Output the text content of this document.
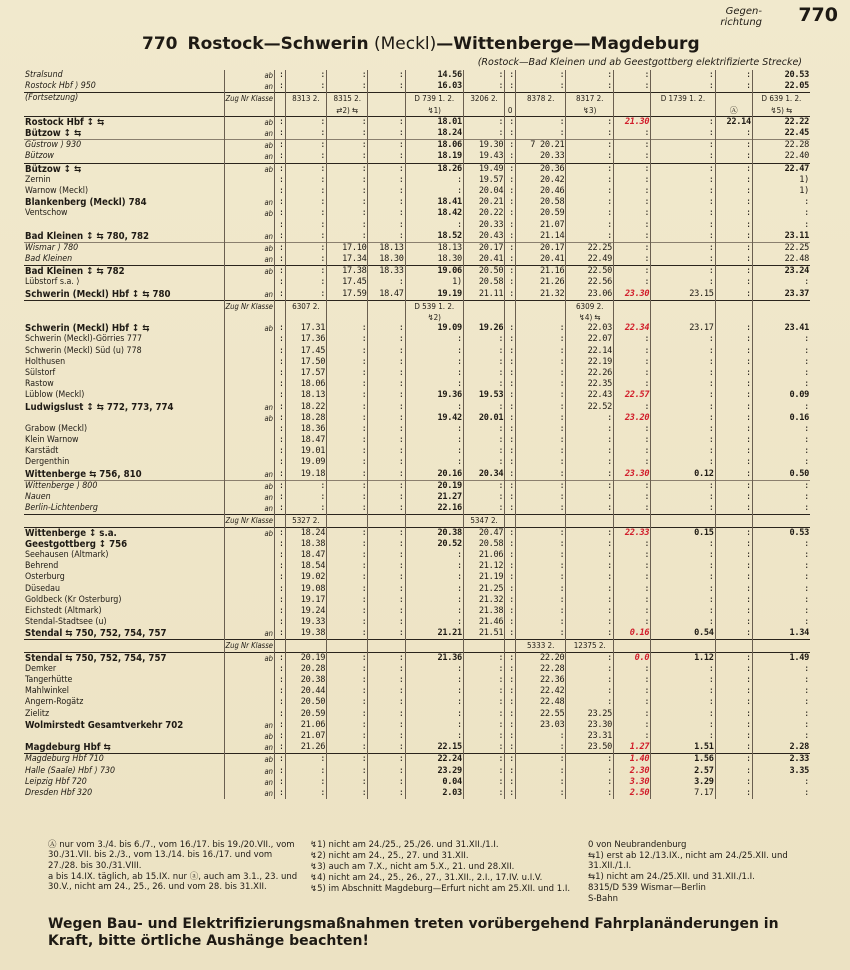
Gegen-
richtung 770
770 Rostock—Schwerin (Meckl)—Wittenberge—Magdeburg
(Rostock—Bad Kleinen und ab Geestgottberg elektrifizierte Strecke)
Stralsund	ab	:	:	:	:	14.56	:	:	:	:	:	:	:	20.53
Rostock Hbf ⟩ 950	an	:	:	:	:	16.03	:	:	:	:	:	:	:	22.05
(Fortsetzung)	Zug Nr Klasse		8313 2.	8315 2.		D 739 1. 2.	3206 2.		8378 2.	8317 2.		D 1739 1. 2.		D 639 1. 2.
				⇄2) ⇆		↯1)		0		↯3)			Ⓐ	↯5) ⇆
Rostock Hbf ↕ ⇆	ab	:	:	:	:	18.01	:	:	:	:	21.30	:	22.14	22.22
Bützow ↕ ⇆	an	:	:	:	:	18.24	:	:	:	:	:	:	:	22.45
Güstrow ⟩ 930	ab	:	:	:	:	18.06	19.30	:	7 20.21	:	:	:	:	22.28
Bützow	an	:	:	:	:	18.19	19.43	:	20.33	:	:	:	:	22.40
Bützow ↕ ⇆	ab	:	:	:	:	18.26	19.49	:	20.36	:	:	:	:	22.47
Zernin		:	:	:	:	:	19.57	:	20.42	:	:	:	:	1)
Warnow (Meckl)		:	:	:	:	:	20.04	:	20.46	:	:	:	:	1)
Blankenberg (Meckl) 784	an	:	:	:	:	18.41	20.21	:	20.58	:	:	:	:	:
Ventschow	ab	:	:	:	:	18.42	20.22	:	20.59	:	:	:	:	:
		:	:	:	:	:	20.33	:	21.07	:	:	:	:	:
Bad Kleinen ↕ ⇆ 780, 782	an	:	:	:	:	18.52	20.43	:	21.14	:	:	:	:	23.11
Wismar ⟩ 780	ab	:	:	17.10	18.13	18.13	20.17	:	20.17	22.25	:	:	:	22.25
Bad Kleinen	an	:	:	17.34	18.30	18.30	20.41	:	20.41	22.49	:	:	:	22.48
Bad Kleinen ↕ ⇆ 782	ab	:	:	17.38	18.33	19.06	20.50	:	21.16	22.50	:	:	:	23.24
Lübstorf s.a. ⟩		:	:	17.45	:	1)	20.58	:	21.26	22.56	:	:	:	:
Schwerin (Meckl) Hbf ↕ ⇆ 780	an	:	:	17.59	18.47	19.19	21.11	:	21.32	23.06	23.30	23.15	:	23.37
	Zug Nr Klasse		6307 2.			D 539 1. 2.				6309 2.				
						↯2)				↯4) ⇆				
Schwerin (Meckl) Hbf ↕ ⇆	ab	:	17.31	:	:	19.09	19.26	:	:	22.03	22.34	23.17	:	23.41
Schwerin (Meckl)-Görries 777		:	17.36	:	:	:	:	:	:	22.07	:	:	:	:
Schwerin (Meckl) Süd (u) 778		:	17.45	:	:	:	:	:	:	22.14	:	:	:	:
Holthusen		:	17.50	:	:	:	:	:	:	22.19	:	:	:	:
Sülstorf		:	17.57	:	:	:	:	:	:	22.26	:	:	:	:
Rastow		:	18.06	:	:	:	:	:	:	22.35	:	:	:	:
Lüblow (Meckl)		:	18.13	:	:	19.36	19.53	:	:	22.43	22.57	:	:	0.09
Ludwigslust ↕ ⇆ 772, 773, 774	an	:	18.22	:	:	:	:	:	:	22.52	:	:	:	:
	ab	:	18.28	:	:	19.42	20.01	:	:	:	23.20	:	:	0.16
Grabow (Meckl)		:	18.36	:	:	:	:	:	:	:	:	:	:	:
Klein Warnow		:	18.47	:	:	:	:	:	:	:	:	:	:	:
Karstädt		:	19.01	:	:	:	:	:	:	:	:	:	:	:
Dergenthin		:	19.09	:	:	:	:	:	:	:	:	:	:	:
Wittenberge ⇆ 756, 810	an	:	19.18	:	:	20.16	20.34	:	:	:	23.30	0.12	:	0.50
Wittenberge ⟩ 800	ab	:	:	:	:	20.19	:	:	:	:	:	:	:	:
Nauen	an	:	:	:	:	21.27	:	:	:	:	:	:	:	:
Berlin-Lichtenberg	an	:	:	:	:	22.16	:	:	:	:	:	:	:	:
	Zug Nr Klasse		5327 2.				5347 2.							
Wittenberge ↕ s.a.	ab	:	18.24	:	:	20.38	20.47	:	:	:	22.33	0.15	:	0.53
Geestgottberg ↕ 756		:	18.38	:	:	20.52	20.58	:	:	:	:	:	:	:
Seehausen (Altmark)		:	18.47	:	:	:	21.06	:	:	:	:	:	:	:
Behrend		:	18.54	:	:	:	21.12	:	:	:	:	:	:	:
Osterburg		:	19.02	:	:	:	21.19	:	:	:	:	:	:	:
Düsedau		:	19.08	:	:	:	21.25	:	:	:	:	:	:	:
Goldbeck (Kr Osterburg)		:	19.17	:	:	:	21.32	:	:	:	:	:	:	:
Eichstedt (Altmark)		:	19.24	:	:	:	21.38	:	:	:	:	:	:	:
Stendal-Stadtsee (u)		:	19.33	:	:	:	21.46	:	:	:	:	:	:	:
Stendal ⇆ 750, 752, 754, 757	an	:	19.38	:	:	21.21	21.51	:	:	:	0.16	0.54	:	1.34
	Zug Nr Klasse								5333 2.	12375 2.				
Stendal ⇆ 750, 752, 754, 757	ab	:	20.19	:	:	21.36	:	:	22.20	:	0.0	1.12	:	1.49
Demker		:	20.28	:	:	:	:	:	22.28	:	:	:	:	:
Tangerhütte		:	20.38	:	:	:	:	:	22.36	:	:	:	:	:
Mahlwinkel		:	20.44	:	:	:	:	:	22.42	:	:	:	:	:
Angern-Rogätz		:	20.50	:	:	:	:	:	22.48	:	:	:	:	:
Zielitz		:	20.59	:	:	:	:	:	22.55	23.25	:	:	:	:
Wolmirstedt Gesamtverkehr 702	an	:	21.06	:	:	:	:	:	23.03	23.30	:	:	:	:
	ab	:	21.07	:	:	:	:	:	:	23.31	:	:	:	:
Magdeburg Hbf ⇆	an	:	21.26	:	:	22.15	:	:	:	23.50	1.27	1.51	:	2.28
Magdeburg Hbf 710	ab	:	:	:	:	22.24	:	:	:	:	1.40	1.56	:	2.33
Halle (Saale) Hbf ⟩ 730	an	:	:	:	:	23.29	:	:	:	:	2.30	2.57	:	3.35
Leipzig Hbf 720	an	:	:	:	:	0.04	:	:	:	:	3.30	3.29	:	:
Dresden Hbf 320	an	:	:	:	:	2.03	:	:	:	:	2.50	7.17	:	:

Ⓐ nur vom 3./4. bis 6./7., vom 16./17. bis 19./20.VII., vom 30./31.VII. bis 2./3., vom 13./14. bis 16./17. und vom 27./28. bis 30./31.VIII.

a bis 14.IX. täglich, ab 15.IX. nur ⓐ, auch am 3.1., 23. und 30.V., nicht am 24., 25., 26. und vom 28. bis 31.XII.

↯1) nicht am 24./25., 25./26. und 31.XII./1.I.

↯2) nicht am 24., 25., 27. und 31.XII.

↯3) auch am 7.X., nicht am 5.X., 21. und 28.XII.

↯4) nicht am 24., 25., 26., 27., 31.XII., 2.I., 17.IV. u.I.V.

↯5) im Abschnitt Magdeburg—Erfurt nicht am 25.XII. und 1.I.

0 von Neubrandenburg

⇆1) erst ab 12./13.IX., nicht am 24./25.XII. und 31.XII./1.I.

⇆1) nicht am 24./25.XII. und 31.XII./1.I.

8315/D 539 Wismar—Berlin

S-Bahn

Wegen Bau- und Elektrifizierungsmaßnahmen treten vorübergehend Fahrplanänderungen in Kraft, bitte örtliche Aushänge beachten!
